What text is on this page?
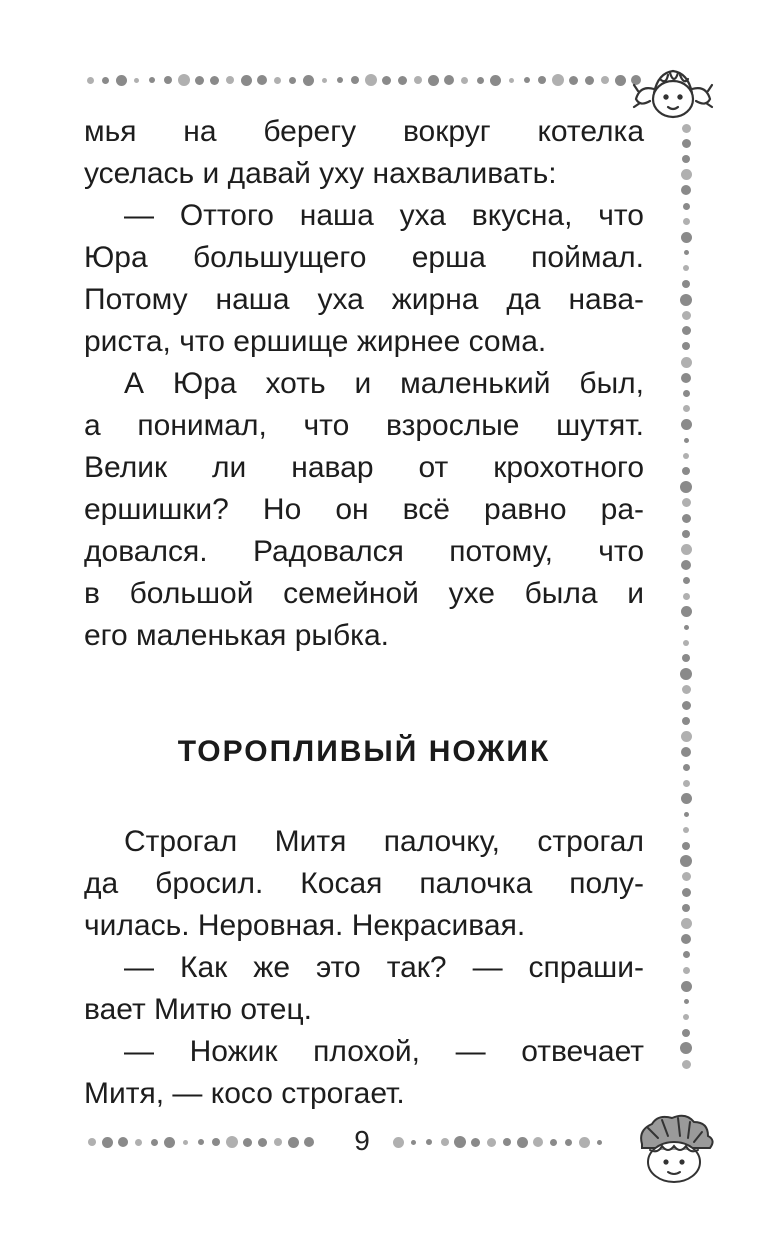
мья на берегу вокруг котелка

уселась и давай уху нахваливать:

— Оттого наша уха вкусна, что

Юра большущего ерша поймал.

Потому наша уха жирна да нава-

риста, что ершище жирнее сома.

А Юра хоть и маленький был,

а понимал, что взрослые шутят.

Велик ли навар от крохотного

ершишки? Но он всё равно ра-

довался. Радовался потому, что

в большой семейной ухе была и

его маленькая рыбка.

ТОРОПЛИВЫЙ НОЖИК

Строгал Митя палочку, строгал

да бросил. Косая палочка полу-

чилась. Неровная. Некрасивая.

— Как же это так? — спраши-

вает Митю отец.

— Ножик плохой, — отвечает

Митя, — косо строгает.

9
